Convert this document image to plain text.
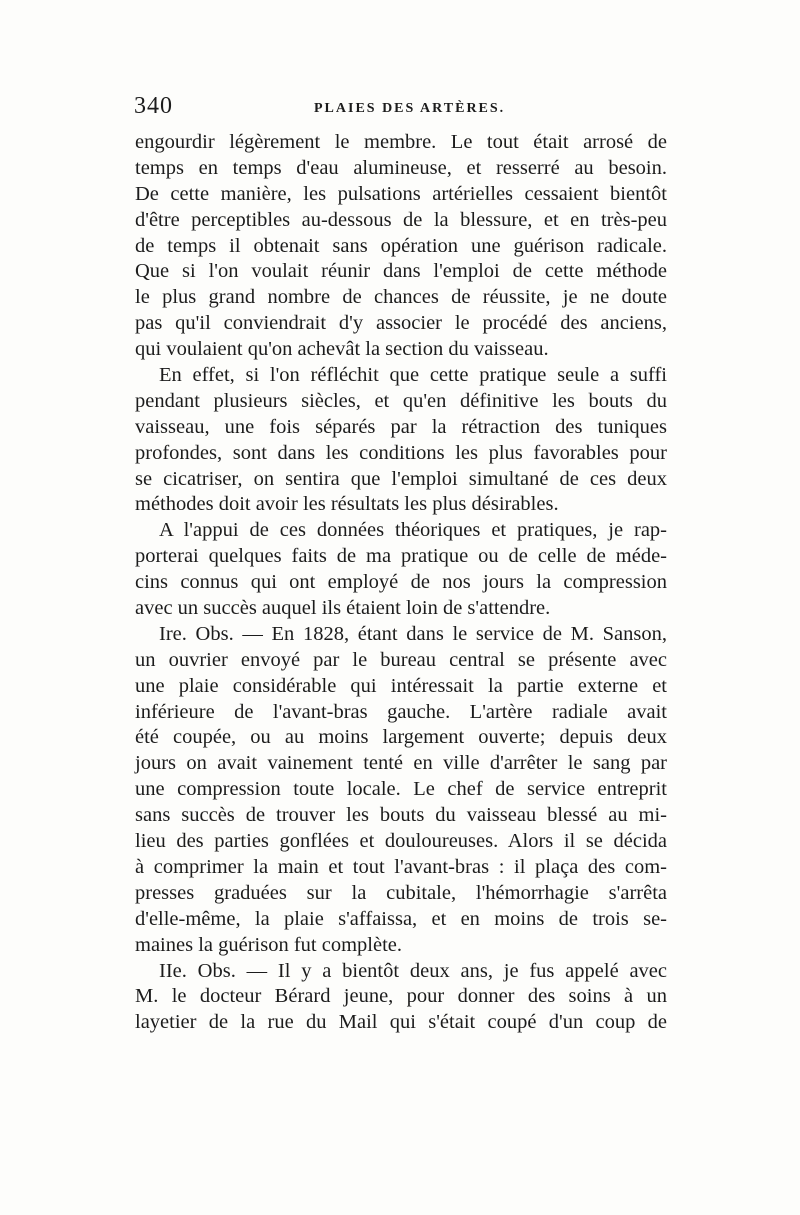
340	PLAIES DES ARTÈRES.
engourdir légèrement le membre. Le tout était arrosé de
temps en temps d'eau alumineuse, et resserré au besoin.
De cette manière, les pulsations artérielles cessaient bientôt
d'être perceptibles au-dessous de la blessure, et en très-peu
de temps il obtenait sans opération une guérison radicale.
Que si l'on voulait réunir dans l'emploi de cette méthode
le plus grand nombre de chances de réussite, je ne doute
pas qu'il conviendrait d'y associer le procédé des anciens,
qui voulaient qu'on achevât la section du vaisseau.
En effet, si l'on réfléchit que cette pratique seule a suffi
pendant plusieurs siècles, et qu'en définitive les bouts du
vaisseau, une fois séparés par la rétraction des tuniques
profondes, sont dans les conditions les plus favorables pour
se cicatriser, on sentira que l'emploi simultané de ces deux
méthodes doit avoir les résultats les plus désirables.
A l'appui de ces données théoriques et pratiques, je rap-
porterai quelques faits de ma pratique ou de celle de méde-
cins connus qui ont employé de nos jours la compression
avec un succès auquel ils étaient loin de s'attendre.
Ire. Obs. — En 1828, étant dans le service de M. Sanson,
un ouvrier envoyé par le bureau central se présente avec
une plaie considérable qui intéressait la partie externe et
inférieure de l'avant-bras gauche. L'artère radiale avait
été coupée, ou au moins largement ouverte; depuis deux
jours on avait vainement tenté en ville d'arrêter le sang par
une compression toute locale. Le chef de service entreprit
sans succès de trouver les bouts du vaisseau blessé au mi-
lieu des parties gonflées et douloureuses. Alors il se décida
à comprimer la main et tout l'avant-bras : il plaça des com-
presses graduées sur la cubitale, l'hémorrhagie s'arrêta
d'elle-même, la plaie s'affaissa, et en moins de trois se-
maines la guérison fut complète.
IIe. Obs. — Il y a bientôt deux ans, je fus appelé avec
M. le docteur Bérard jeune, pour donner des soins à un
layetier de la rue du Mail qui s'était coupé d'un coup de
